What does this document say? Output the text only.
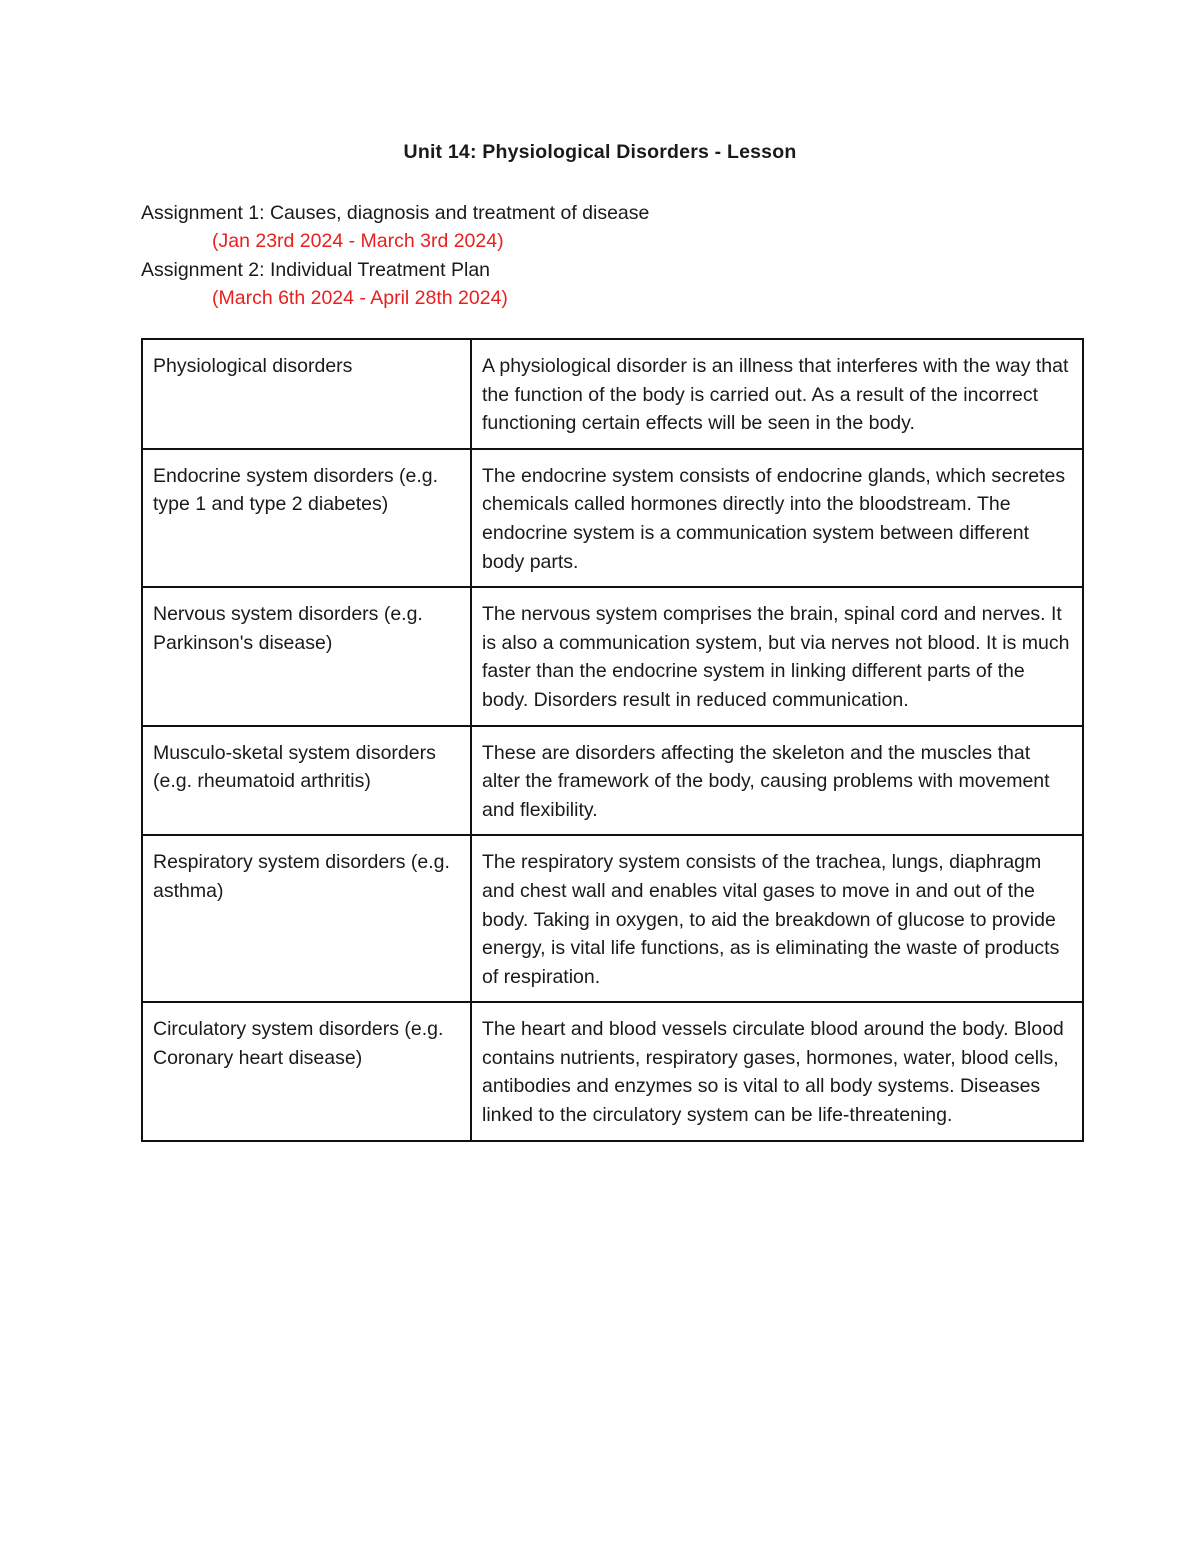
Unit 14: Physiological Disorders - Lesson
Assignment 1: Causes, diagnosis and treatment of disease
(Jan 23rd 2024 - March 3rd 2024)
Assignment 2: Individual Treatment Plan
(March 6th 2024 - April 28th 2024)
Physiological disorders	A physiological disorder is an illness that interferes with the way that the function of the body is carried out. As a result of the incorrect functioning certain effects will be seen in the body.
Endocrine system disorders (e.g. type 1 and type 2 diabetes)	The endocrine system consists of endocrine glands, which secretes chemicals called hormones directly into the bloodstream. The endocrine system is a communication system between different body parts.
Nervous system disorders (e.g. Parkinson's disease)	The nervous system comprises the brain, spinal cord and nerves. It is also a communication system, but via nerves not blood. It is much faster than the endocrine system in linking different parts of the body. Disorders result in reduced communication.
Musculo-sketal system disorders (e.g. rheumatoid arthritis)	These are disorders affecting the skeleton and the muscles that alter the framework of the body, causing problems with movement and flexibility.
Respiratory system disorders (e.g. asthma)	The respiratory system consists of the trachea, lungs, diaphragm and chest wall and enables vital gases to move in and out of the body. Taking in oxygen, to aid the breakdown of glucose to provide energy, is vital life functions, as is eliminating the waste of products of respiration.
Circulatory system disorders (e.g. Coronary heart disease)	The heart and blood vessels circulate blood around the body. Blood contains nutrients, respiratory gases, hormones, water, blood cells, antibodies and enzymes so is vital to all body systems. Diseases linked to the circulatory system can be life-threatening.
